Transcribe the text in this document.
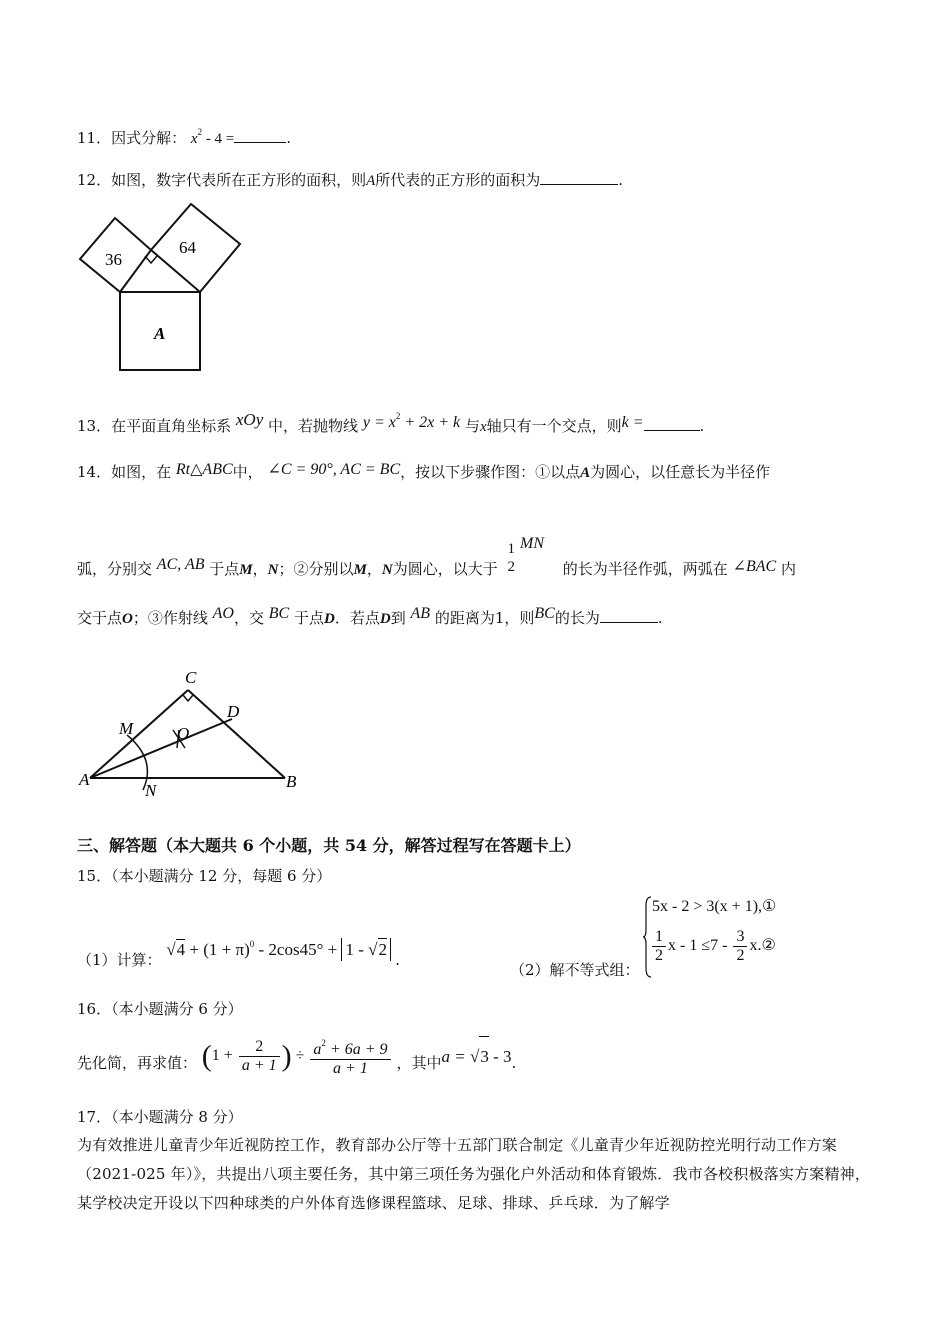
11．因式分解： $x^2 - 4$ =	.
12．如图，数字代表所在正方形的面积，则A所代表的正方形的面积为	.
36
64
A
13．在平面直角坐标系 xOy 中，若抛物线 $y = x^2 + 2x + k$ 与x轴只有一个交点，则k =	.
14．如图，在 Rt△ABC中， ∠C = 90°, AC = BC，按以下步骤作图：①以点A为圆心，以任意长为半径作
弧，分别交 AC, AB 于点M，N；②分别以M，N为圆心，以大于
1
2
MN 的长为半径作弧，两弧在 ∠BAC 内
交于点O；③作射线 AO，交 BC 于点D．若点D到 AB 的距离为1，则BC的长为	.
C
D
M	O
A
N	B
三、解答题（本大题共 6 个小题，共 54 分，解答过程写在答题卡上）
15．（本小题满分 12 分，每题 6 分）
（1）计算： $√4 + (1 + \pi)^0 - 2\cos 45^\circ + 1 - √2$ .
（2）解不等式组：
5x - 2 > 3(x + 1),①
$\frac{1}{2}$ $x - 1 \le 7 - \frac{3}{2}$ x.②
16．（本小题满分 6 分）
先化简，再求值： ($1 + \frac{2}{a + 1}$ ) ÷ $\frac{a^2 + 6a + 9}{a + 1}$ ，其中a = √3 - 3.
17．（本小题满分 8 分）
为有效推进儿童青少年近视防控工作，教育部办公厅等十五部门联合制定《儿童青少年近视防控光明行动工作方案（2021-025 年）》，共提出八项主要任务，其中第三项任务为强化户外活动和体育锻炼．我市各校积极落实方案精神，某学校决定开设以下四种球类的户外体育选修课程篮球、足球、排球、乒乓球．为了解学
